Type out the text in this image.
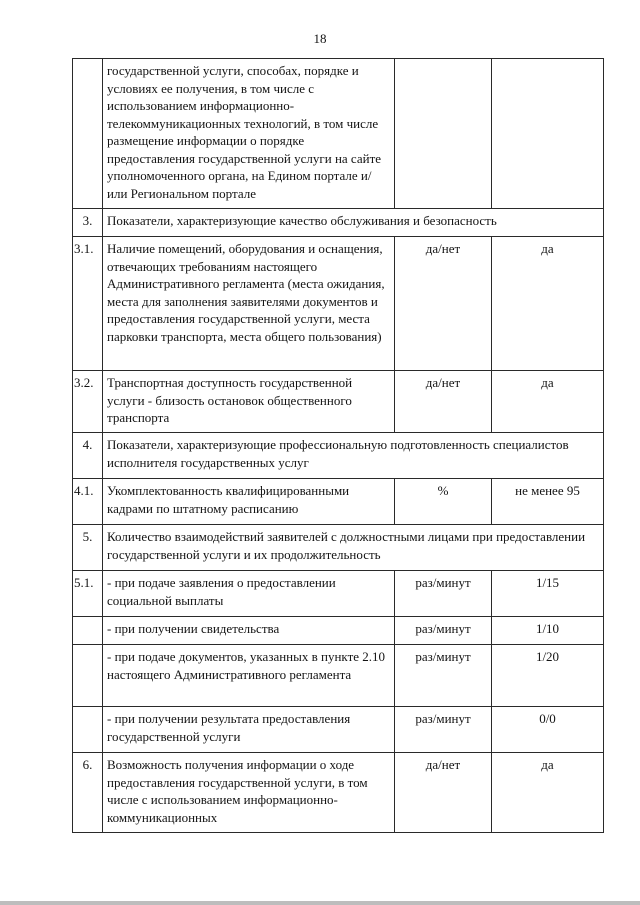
18
	государственной услуги, способах, порядке и условиях ее получения, в том числе с использованием информационно-телекоммуникационных технологий, в том числе размещение информации о порядке предоставления государственной услуги на сайте уполномоченного органа, на Едином портале и/или Региональном портале		
3.	Показатели, характеризующие качество обслуживания и безопасность		
3.1.	Наличие помещений, оборудования и оснащения, отвечающих требованиям настоящего Административного регламента (места ожидания, места для заполнения заявителями документов и предоставления государственной услуги, места парковки транспорта, места общего пользования)	да/нет	да
3.2.	Транспортная доступность государственной услуги - близость остановок общественного транспорта	да/нет	да
4.	Показатели, характеризующие профессиональную подготовленность специалистов исполнителя государственных услуг		
4.1.	Укомплектованность квалифицированными кадрами по штатному расписанию	%	не менее 95
5.	Количество взаимодействий заявителей с должностными лицами при предоставлении государственной услуги и их продолжительность		
5.1.	- при подаче заявления о предоставлении социальной выплаты	раз/минут	1/15
	- при получении свидетельства	раз/минут	1/10
	- при подаче документов, указанных в пункте 2.10 настоящего Административного регламента	раз/минут	1/20
	- при получении результата предоставления государственной услуги	раз/минут	0/0
6.	Возможность получения информации о ходе предоставления государственной услуги, в том числе с использованием информационно-коммуникационных	да/нет	да
